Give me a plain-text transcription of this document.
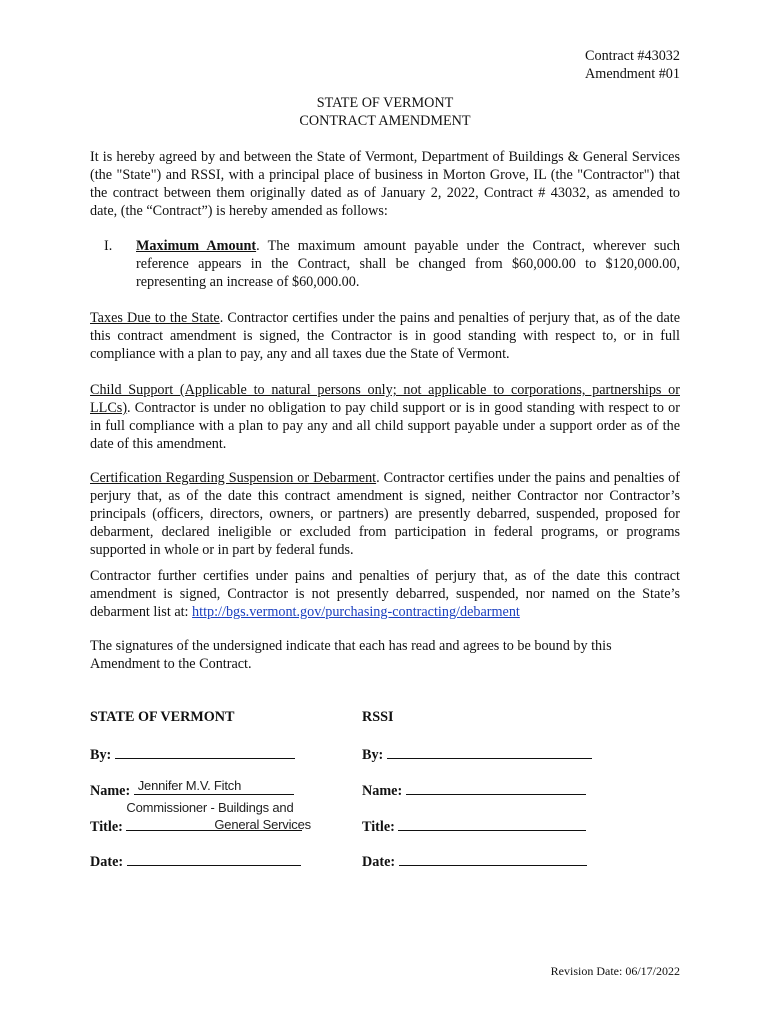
Contract #43032
Amendment #01
STATE OF VERMONT
CONTRACT AMENDMENT

It is hereby agreed by and between the State of Vermont, Department of Buildings & General Services (the "State") and RSSI, with a principal place of business in Morton Grove, IL (the "Contractor") that the contract between them originally dated as of January 2, 2022, Contract # 43032, as amended to date, (the “Contract”) is hereby amended as follows:

I. Maximum Amount. The maximum amount payable under the Contract, wherever such reference appears in the Contract, shall be changed from $60,000.00 to $120,000.00, representing an increase of $60,000.00.

Taxes Due to the State. Contractor certifies under the pains and penalties of perjury that, as of the date this contract amendment is signed, the Contractor is in good standing with respect to, or in full compliance with a plan to pay, any and all taxes due the State of Vermont.

Child Support (Applicable to natural persons only; not applicable to corporations, partnerships or LLCs). Contractor is under no obligation to pay child support or is in good standing with respect to or in full compliance with a plan to pay any and all child support payable under a support order as of the date of this amendment.

Certification Regarding Suspension or Debarment. Contractor certifies under the pains and penalties of perjury that, as of the date this contract amendment is signed, neither Contractor nor Contractor’s principals (officers, directors, owners, or partners) are presently debarred, suspended, proposed for debarment, declared ineligible or excluded from participation in federal programs, or programs supported in whole or in part by federal funds.

Contractor further certifies under pains and penalties of perjury that, as of the date this contract amendment is signed, Contractor is not presently debarred, suspended, nor named on the State’s debarment list at: http://bgs.vermont.gov/purchasing-contracting/debarment

The signatures of the undersigned indicate that each has read and agrees to be bound by this Amendment to the Contract.

STATE OF VERMONT
By:
Name: Jennifer M.V. Fitch
Title:
Commissioner - Buildings and
General Services
Date:
RSSI
By:
Name:
Title:
Date:
Revision Date: 06/17/2022
